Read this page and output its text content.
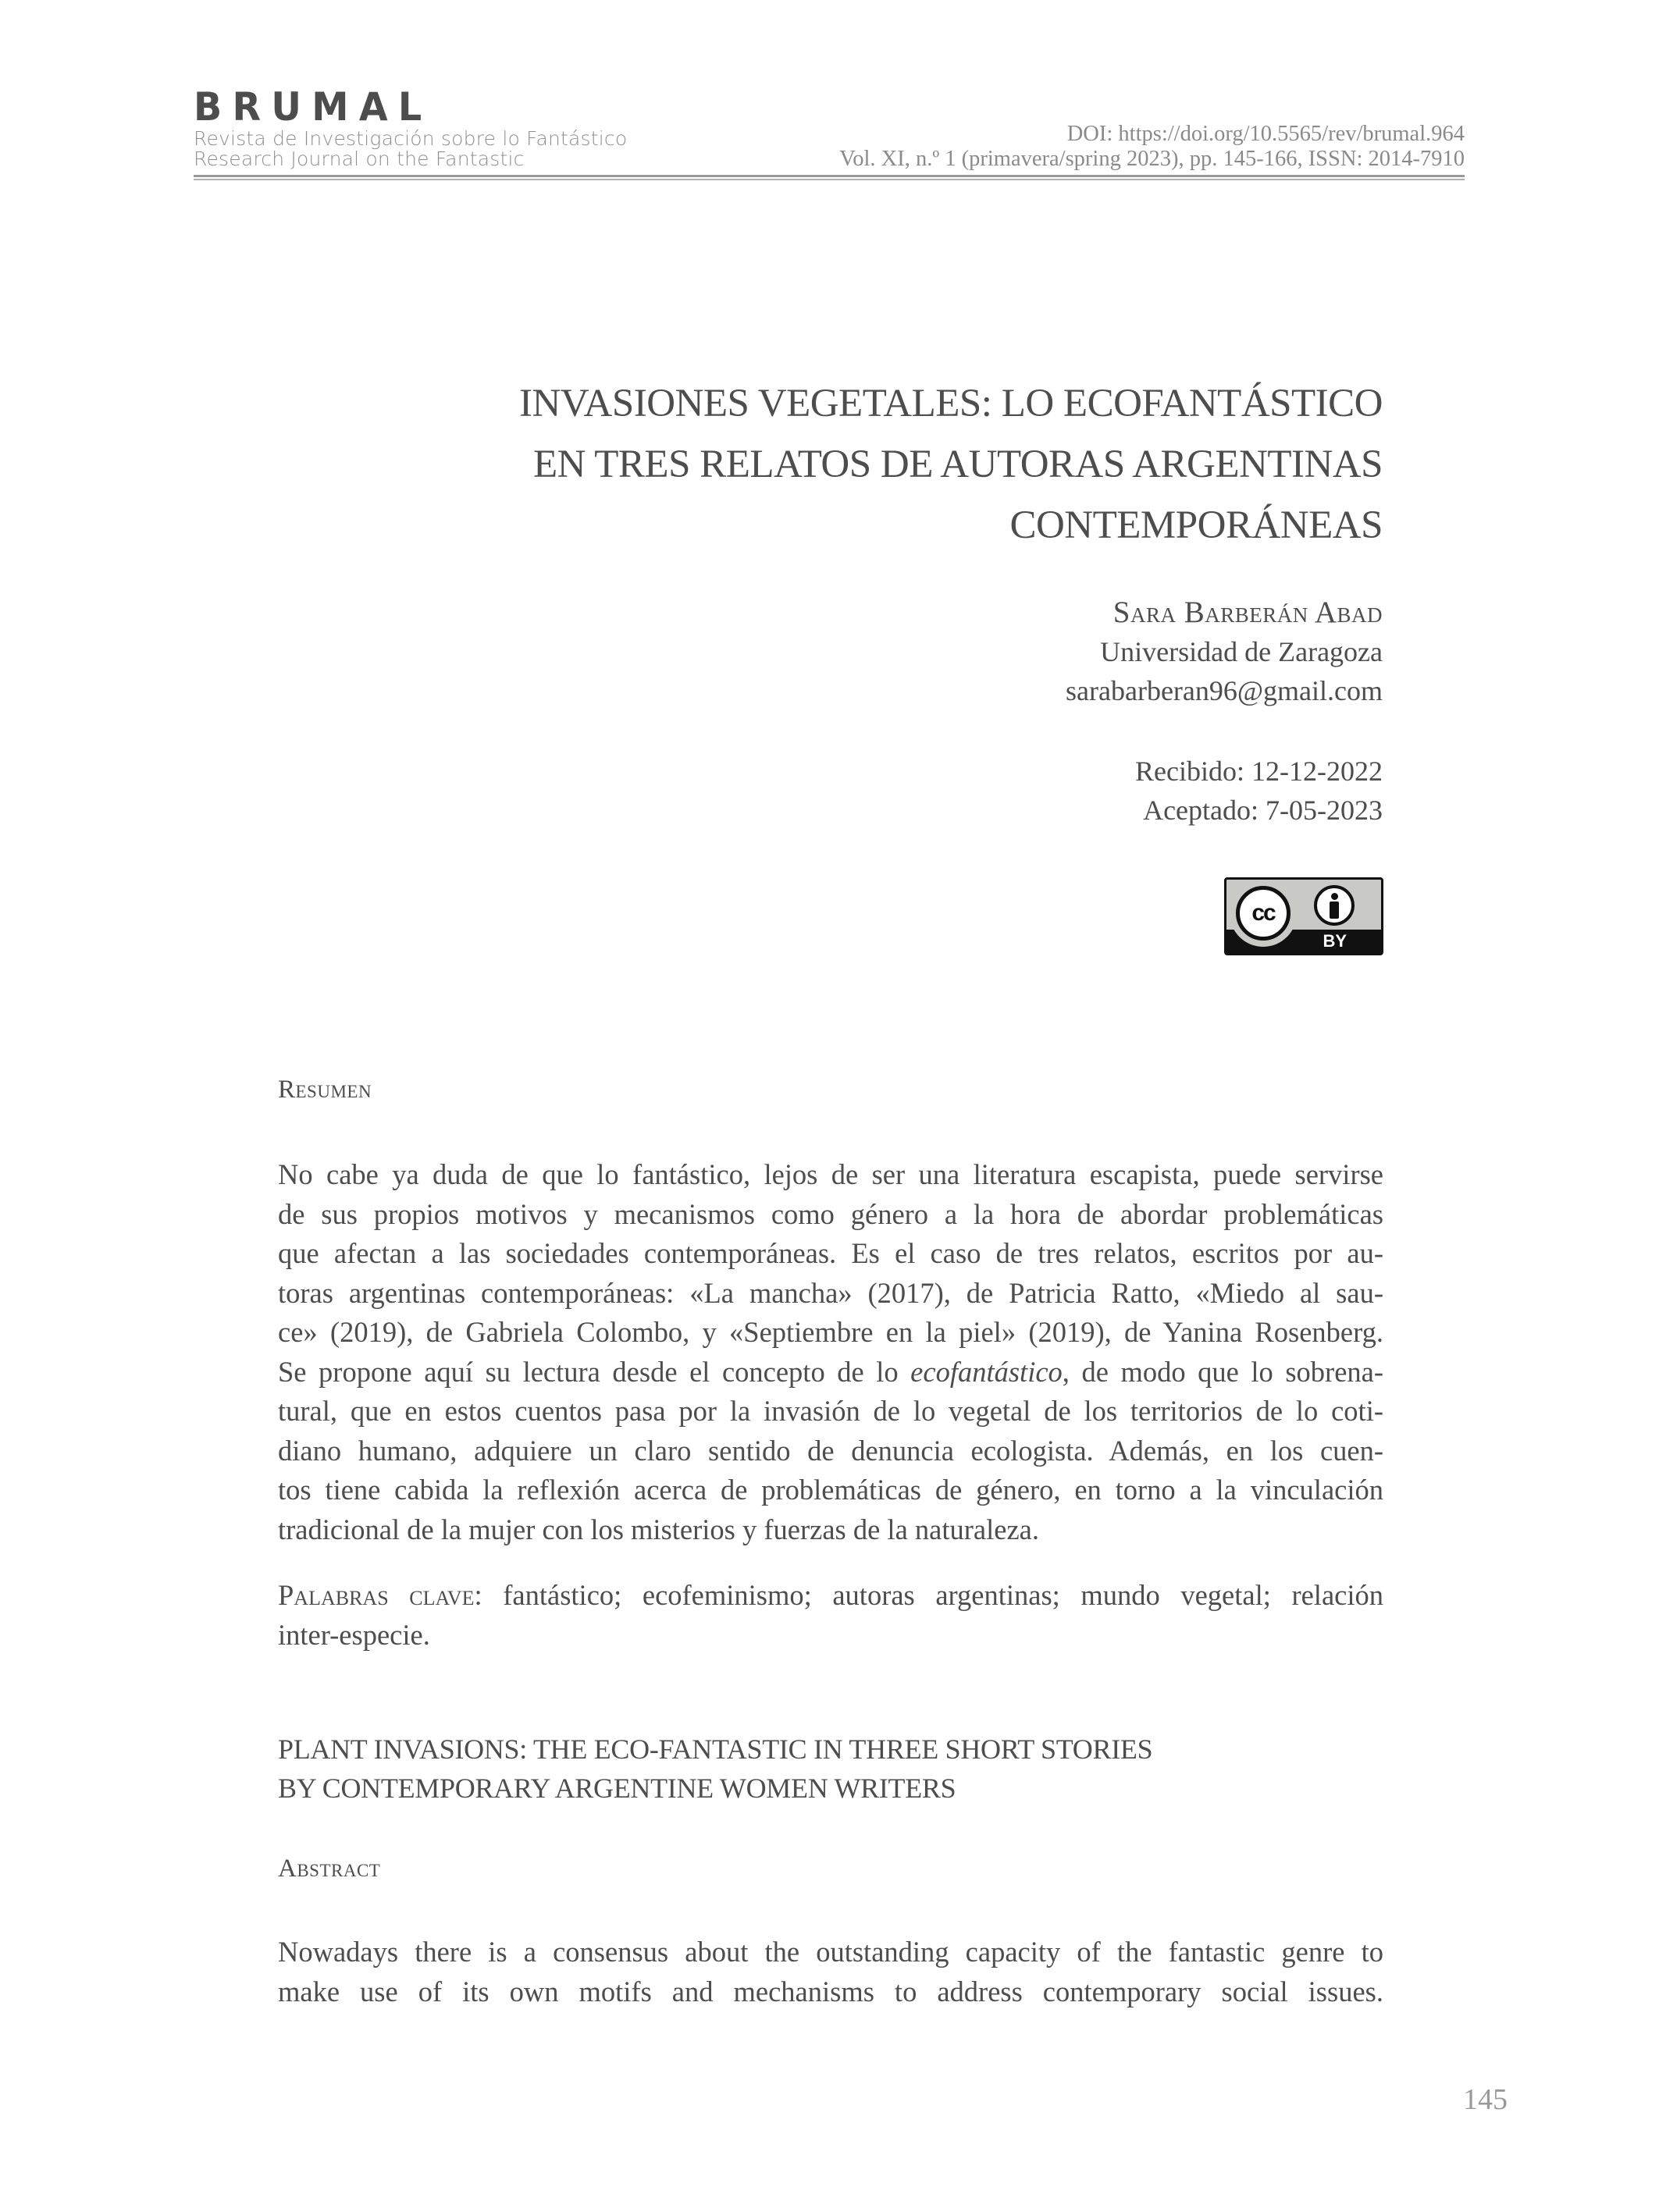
BRUMAL
Revista de Investigación sobre lo Fantástico
Research Journal on the Fantastic
DOI: https://doi.org/10.5565/rev/brumal.964
Vol. XI, n.º 1 (primavera/spring 2023), pp. 145-166, ISSN: 2014-7910
INVASIONES VEGETALES: LO ECOFANTÁSTICO
EN TRES RELATOS DE AUTORAS ARGENTINAS
CONTEMPORÁNEAS
Sara Barberán Abad
Universidad de Zaragoza
sarabarberan96@gmail.com
Recibido: 12-12-2022
Aceptado: 7-05-2023
cc
BY
Resumen
No cabe ya duda de que lo fantástico, lejos de ser una literatura escapista, puede servirse
de sus propios motivos y mecanismos como género a la hora de abordar problemáticas
que afectan a las sociedades contemporáneas. Es el caso de tres relatos, escritos por au-
toras argentinas contemporáneas: «La mancha» (2017), de Patricia Ratto, «Miedo al sau-
ce» (2019), de Gabriela Colombo, y «Septiembre en la piel» (2019), de Yanina Rosenberg.
Se propone aquí su lectura desde el concepto de lo ecofantástico, de modo que lo sobrena-
tural, que en estos cuentos pasa por la invasión de lo vegetal de los territorios de lo coti-
diano humano, adquiere un claro sentido de denuncia ecologista. Además, en los cuen-
tos tiene cabida la reflexión acerca de problemáticas de género, en torno a la vinculación
tradicional de la mujer con los misterios y fuerzas de la naturaleza.
Palabras clave: fantástico; ecofeminismo; autoras argentinas; mundo vegetal; relación
inter-especie.
PLANT INVASIONS: THE ECO-FANTASTIC IN THREE SHORT STORIES
BY CONTEMPORARY ARGENTINE WOMEN WRITERS
Abstract
Nowadays there is a consensus about the outstanding capacity of the fantastic genre to
make use of its own motifs and mechanisms to address contemporary social issues.
145
